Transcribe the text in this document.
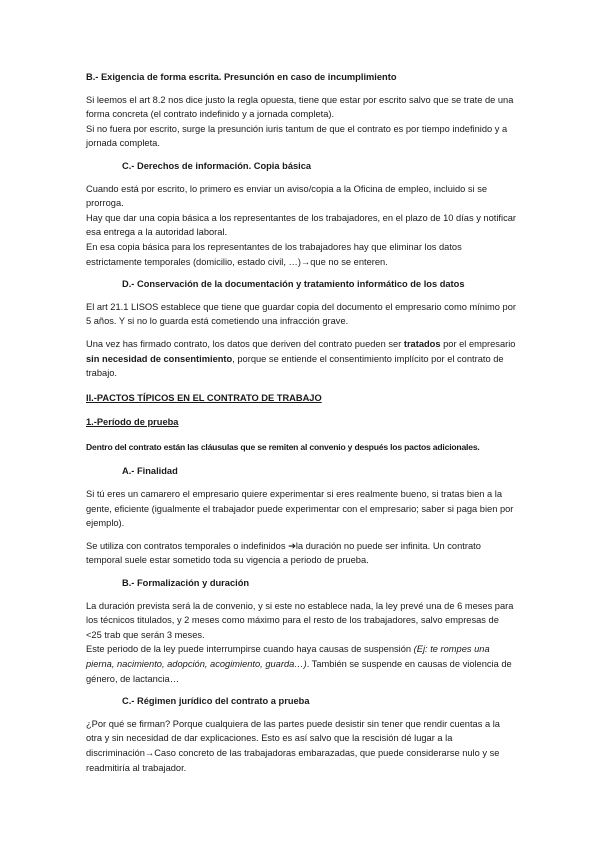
B.- Exigencia de forma escrita. Presunción en caso de incumplimiento

Si leemos el art 8.2 nos dice justo la regla opuesta, tiene que estar por escrito salvo que se trate de una forma concreta (el contrato indefinido y a jornada completa).

Si no fuera por escrito, surge la presunción iuris tantum de que el contrato es por tiempo indefinido y a jornada completa.

C.- Derechos de información. Copia básica

Cuando está por escrito, lo primero es enviar un aviso/copia a la Oficina de empleo, incluido si se prorroga.

Hay que dar una copia básica a los representantes de los trabajadores, en el plazo de 10 días y notificar esa entrega a la autoridad laboral.

En esa copia básica para los representantes de los trabajadores hay que eliminar los datos estrictamente temporales (domicilio, estado civil, …)→que no se enteren.

D.- Conservación de la documentación y tratamiento informático de los datos

El art 21.1 LISOS establece que tiene que guardar copia del documento el empresario como mínimo por 5 años. Y si no lo guarda está cometiendo una infracción grave.

Una vez has firmado contrato, los datos que deriven del contrato pueden ser tratados por el empresario sin necesidad de consentimiento, porque se entiende el consentimiento implícito por el contrato de trabajo.

II.-PACTOS TÍPICOS EN EL CONTRATO DE TRABAJO
1.-Período de prueba

Dentro del contrato están las cláusulas que se remiten al convenio y después los pactos adicionales.

A.- Finalidad

Si tú eres un camarero el empresario quiere experimentar si eres realmente bueno, si tratas bien a la gente, eficiente (igualmente el trabajador puede experimentar con el empresario; saber si paga bien por ejemplo).

Se utiliza con contratos temporales o indefinidos ➔la duración no puede ser infinita. Un contrato temporal suele estar sometido toda su vigencia a periodo de prueba.

B.- Formalización y duración

La duración prevista será la de convenio, y si este no establece nada, la ley prevé una de 6 meses para los técnicos titulados, y 2 meses como máximo para el resto de los trabajadores, salvo empresas de <25 trab que serán 3 meses.

Este periodo de la ley puede interrumpirse cuando haya causas de suspensión (Ej: te rompes una pierna, nacimiento, adopción, acogimiento, guarda…). También se suspende en causas de violencia de género, de lactancia…

C.- Régimen jurídico del contrato a prueba

¿Por qué se firman? Porque cualquiera de las partes puede desistir sin tener que rendir cuentas a la otra y sin necesidad de dar explicaciones. Esto es así salvo que la rescisión dé lugar a la discriminación→Caso concreto de las trabajadoras embarazadas, que puede considerarse nulo y se readmitiría al trabajador.
